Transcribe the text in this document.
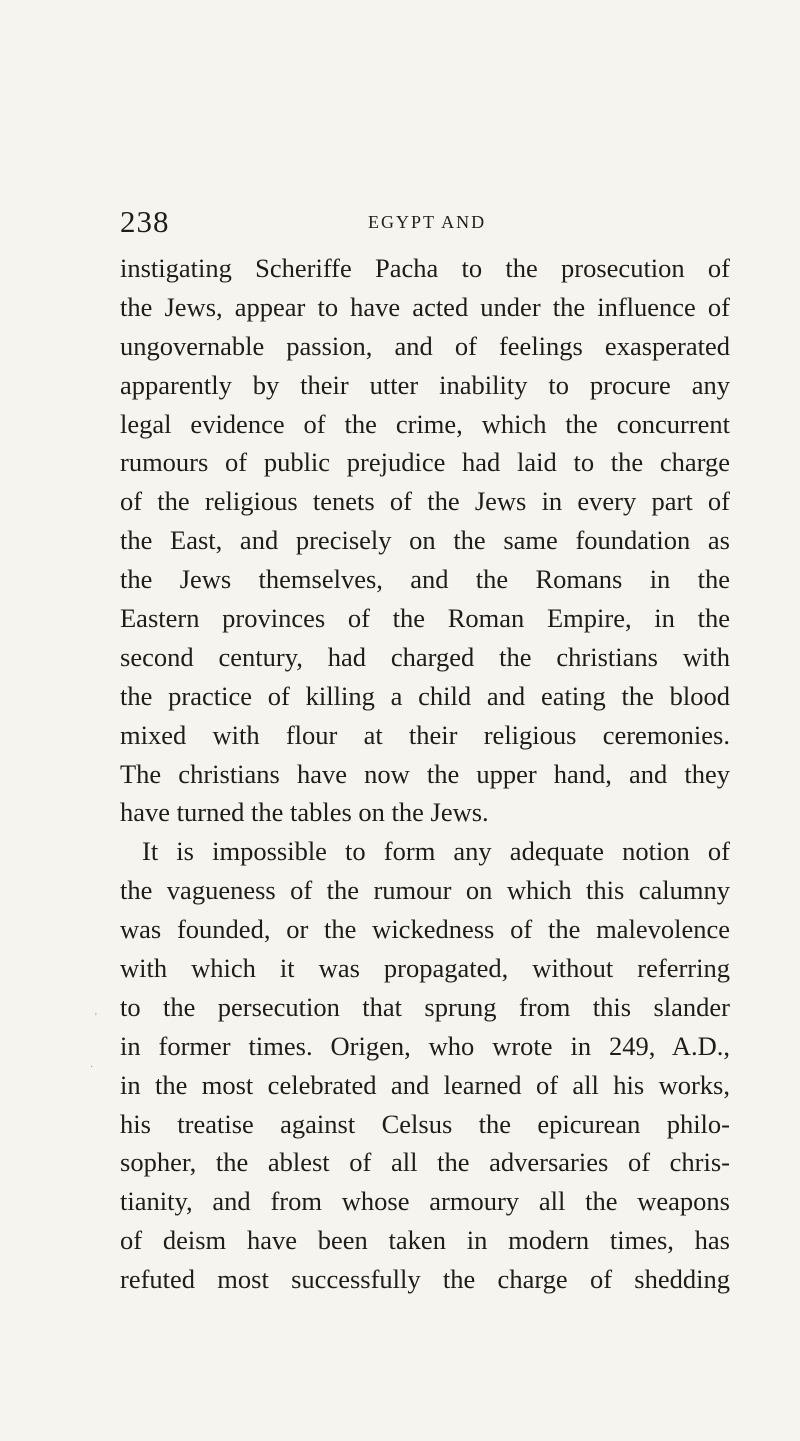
238	EGYPT AND
instigating Scheriffe Pacha to the prosecution of
the Jews, appear to have acted under the influence of
ungovernable passion, and of feelings exasperated
apparently by their utter inability to procure any
legal evidence of the crime, which the concurrent
rumours of public prejudice had laid to the charge
of the religious tenets of the Jews in every part of
the East, and precisely on the same foundation as
the Jews themselves, and the Romans in the
Eastern provinces of the Roman Empire, in the
second century, had charged the christians with
the practice of killing a child and eating the blood
mixed with flour at their religious ceremonies.
The christians have now the upper hand, and they
have turned the tables on the Jews.
It is impossible to form any adequate notion of
the vagueness of the rumour on which this calumny
was founded, or the wickedness of the malevolence
with which it was propagated, without referring
to the persecution that sprung from this slander
in former times. Origen, who wrote in 249, A.D.,
in the most celebrated and learned of all his works,
his treatise against Celsus the epicurean philo-
sopher, the ablest of all the adversaries of chris-
tianity, and from whose armoury all the weapons
of deism have been taken in modern times, has
refuted most successfully the charge of shedding
'
·
